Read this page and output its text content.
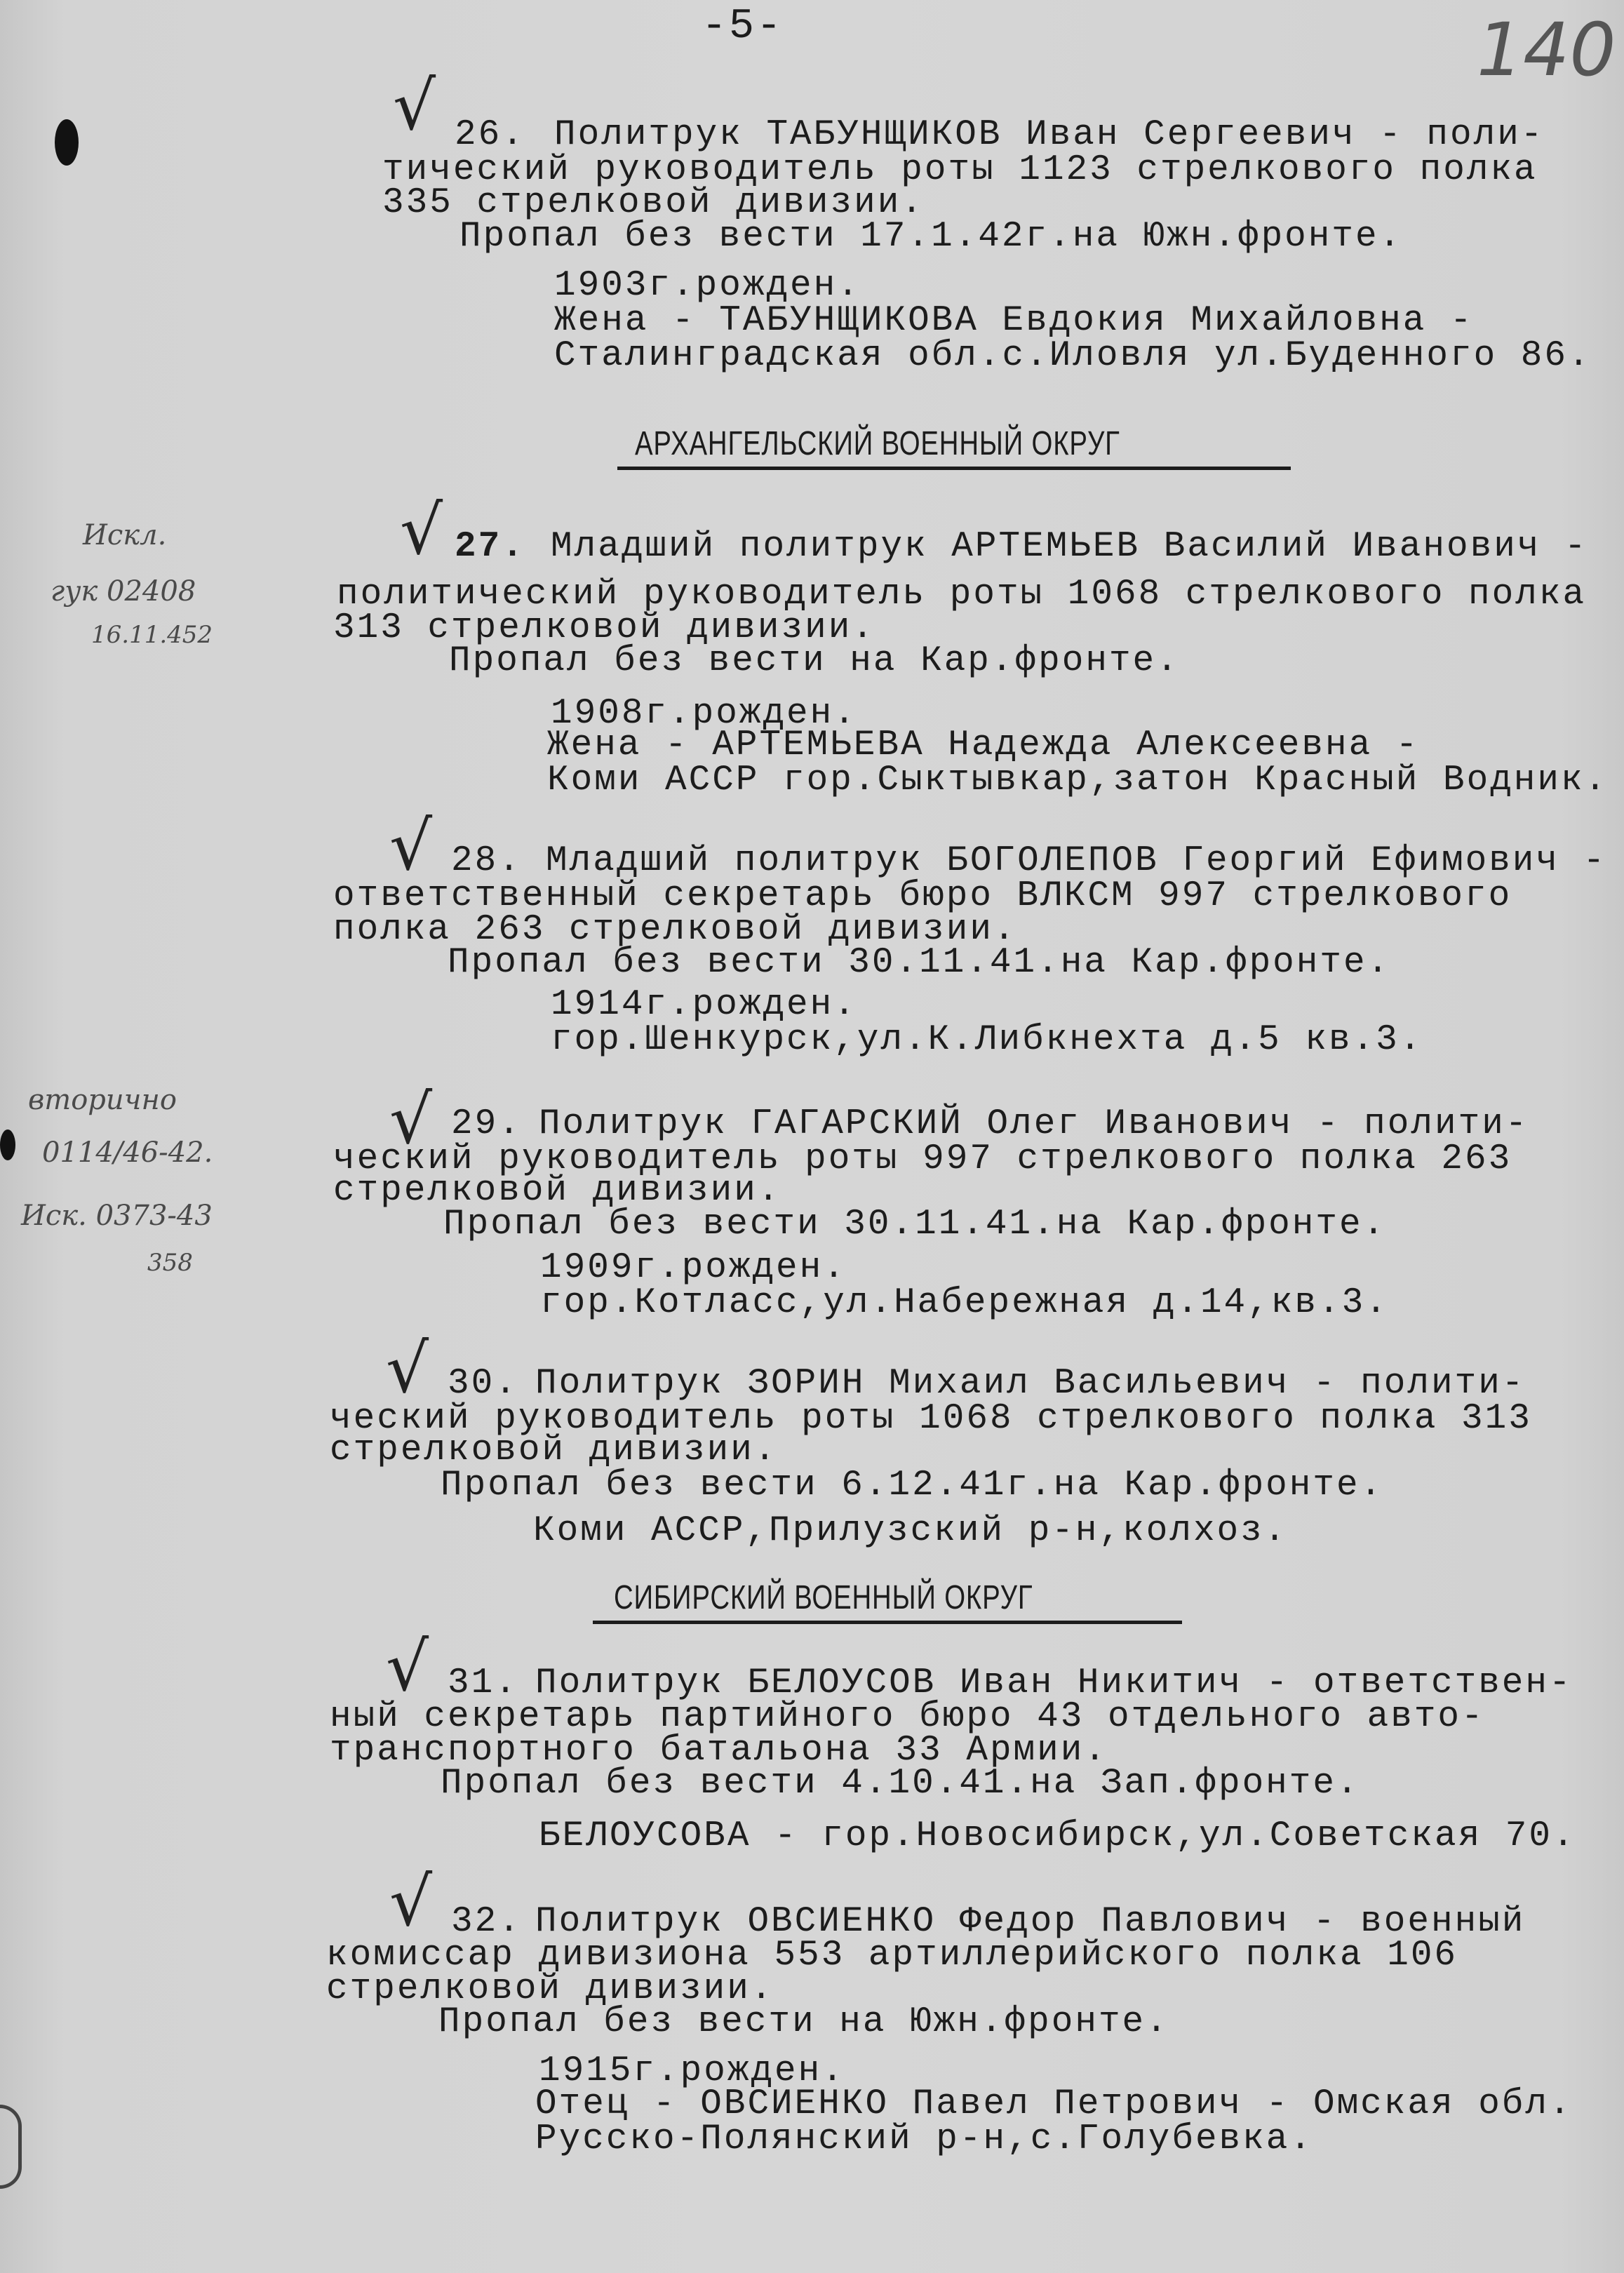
-5-	140
Искл.
гук 02408
16.11.452
вторично
0114/46-42.
Иск. 0373-43
358
√ 26. Политрук ТАБУНЩИКОВ Иван Сергеевич - поли-
тический руководитель роты 1123 стрелкового полка
335 стрелковой дивизии.
Пропал без вести 17.1.42г.на Южн.фронте.
1903г.рожден.
Жена - ТАБУНЩИКОВА Евдокия Михайловна -
Сталинградская обл.с.Иловля ул.Буденного 86.
АРХАНГЕЛЬСКИЙ ВОЕННЫЙ ОКРУГ
√ 27. Младший политрук АРТЕМЬЕВ Василий Иванович -
политический руководитель роты 1068 стрелкового полка
313 стрелковой дивизии.
Пропал без вести на Кар.фронте.
1908г.рожден.
Жена - АРТЕМЬЕВА Надежда Алексеевна -
Коми АССР гор.Сыктывкар,затон Красный Водник.
√ 28. Младший политрук БОГОЛЕПОВ Георгий Ефимович -
ответственный секретарь бюро ВЛКСМ 997 стрелкового
полка 263 стрелковой дивизии.
Пропал без вести 30.11.41.на Кар.фронте.
1914г.рожден.
гор.Шенкурск,ул.К.Либкнехта д.5 кв.3.
√ 29. Политрук ГАГАРСКИЙ Олег Иванович - полити-
ческий руководитель роты 997 стрелкового полка 263
стрелковой дивизии.
Пропал без вести 30.11.41.на Кар.фронте.
1909г.рожден.
гор.Котласс,ул.Набережная д.14,кв.3.
√ 30. Политрук ЗОРИН Михаил Васильевич - полити-
ческий руководитель роты 1068 стрелкового полка 313
стрелковой дивизии.
Пропал без вести 6.12.41г.на Кар.фронте.
Коми АССР,Прилузский р-н,колхоз.
СИБИРСКИЙ ВОЕННЫЙ ОКРУГ
√ 31. Политрук БЕЛОУСОВ Иван Никитич - ответствен-
ный секретарь партийного бюро 43 отдельного авто-
транспортного батальона 33 Армии.
Пропал без вести 4.10.41.на Зап.фронте.
БЕЛОУСОВА - гор.Новосибирск,ул.Советская 70.
√ 32. Политрук ОВСИЕНКО Федор Павлович - военный
комиссар дивизиона 553 артиллерийского полка 106
стрелковой дивизии.
Пропал без вести на Южн.фронте.
1915г.рожден.
Отец - ОВСИЕНКО Павел Петрович - Омская обл.
Русско-Полянский р-н,с.Голубевка.
